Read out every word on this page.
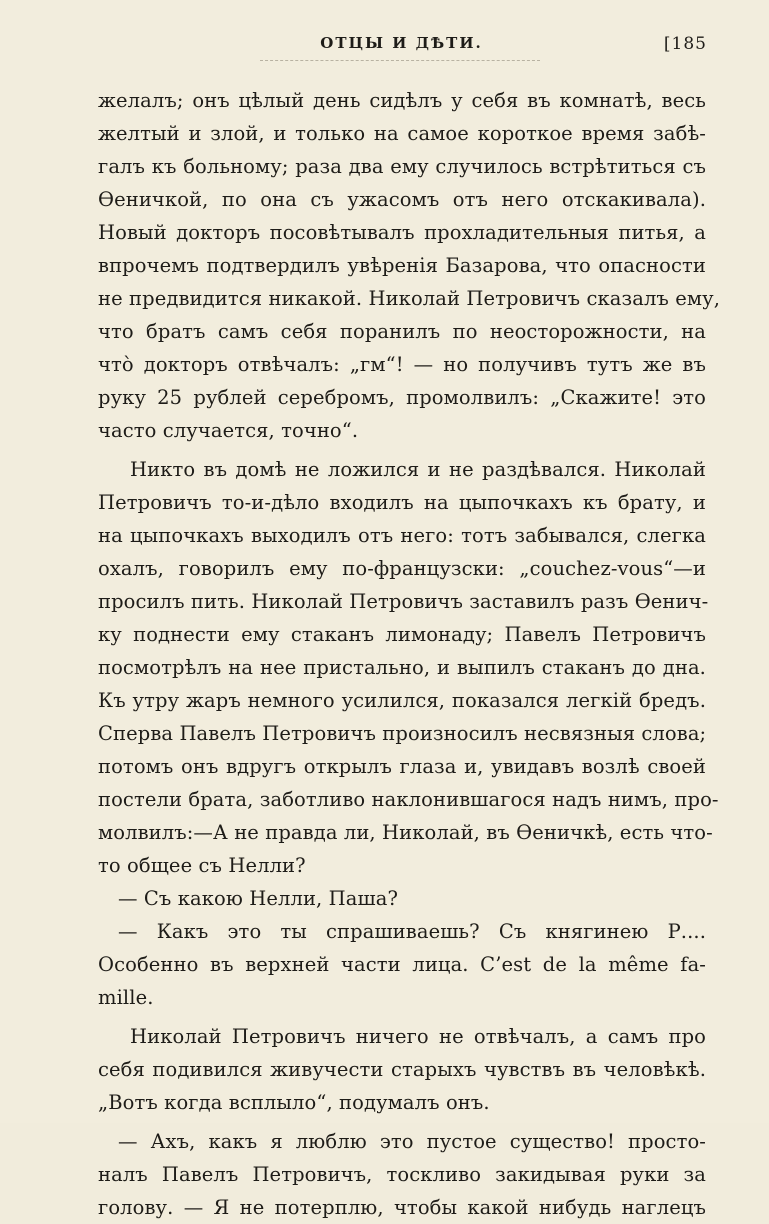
ОТЦЫ И ДѢТИ.	[185
желалъ; онъ цѣлый день сидѣлъ у себя въ комнатѣ, весь
желтый и злой, и только на самое короткое время забѣ-
галъ къ больному; раза два ему случилось встрѣтиться съ
Ѳеничкой, по она съ ужасомъ отъ него отскакивала).
Новый докторъ посовѣтывалъ прохладительныя питья, а
впрочемъ подтвердилъ увѣренія Базарова, что опасности
не предвидится никакой. Николай Петровичъ сказалъ ему,
что братъ самъ себя поранилъ по неосторожности, на
что̀ докторъ отвѣчалъ: „гм“! — но получивъ тутъ же въ
руку 25 рублей серебромъ, промолвилъ: „Скажите! это
часто случается, точно“.
Никто въ домѣ не ложился и не раздѣвался. Николай
Петровичъ то-и-дѣло входилъ на цыпочкахъ къ брату, и
на цыпочкахъ выходилъ отъ него: тотъ забывался, слегка
охалъ, говорилъ ему по-французски: „couchez-vous“—и
просилъ пить. Николай Петровичъ заставилъ разъ Ѳенич-
ку поднести ему стаканъ лимонаду; Павелъ Петровичъ
посмотрѣлъ на нее пристально, и выпилъ стаканъ до дна.
Къ утру жаръ немного усилился, показался легкій бредъ.
Сперва Павелъ Петровичъ произносилъ несвязныя слова;
потомъ онъ вдругъ открылъ глаза и, увидавъ возлѣ своей
постели брата, заботливо наклонившагося надъ нимъ, про-
молвилъ:—А не правда ли, Николай, въ Ѳеничкѣ, есть что-
то общее съ Нелли?
— Съ какою Нелли, Паша?
— Какъ это ты спрашиваешь? Съ княгинею Р....
Особенно въ верхней части лица. C’est de la même fa-
mille.
Николай Петровичъ ничего не отвѣчалъ, а самъ про
себя подивился живучести старыхъ чувствъ въ человѣкѣ.
„Вотъ когда всплыло“, подумалъ онъ.
— Ахъ, какъ я люблю это пустое существо! просто-
налъ Павелъ Петровичъ, тоскливо закидывая руки за
голову. — Я не потерплю, чтобы какой нибудь наглецъ
